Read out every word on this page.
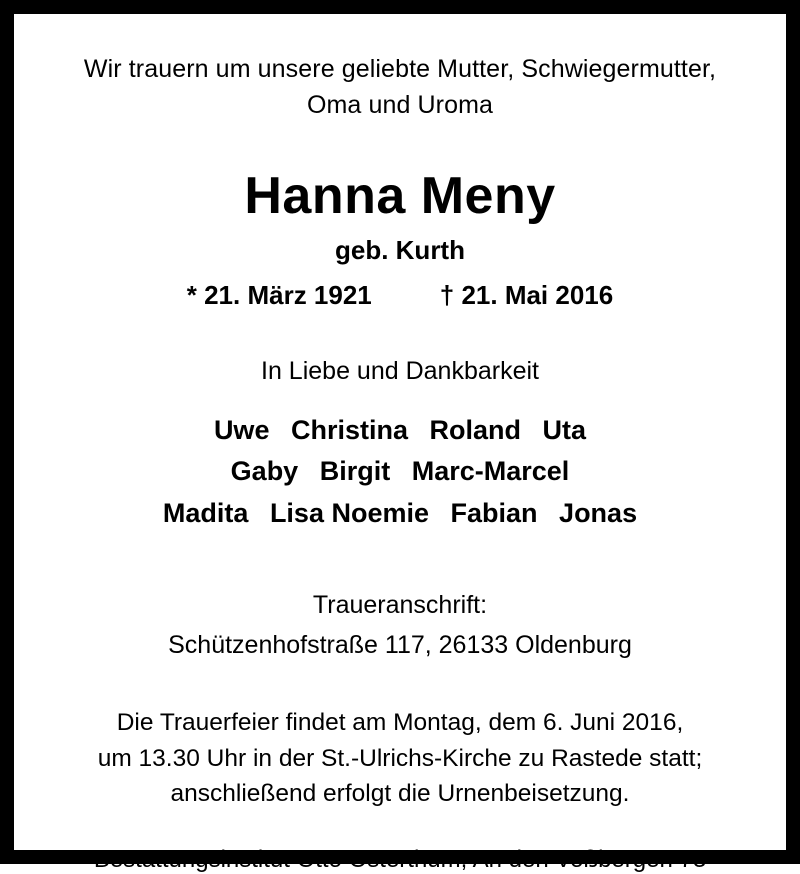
Wir trauern um unsere geliebte Mutter, Schwiegermutter,
Oma und Uroma
Hanna Meny
geb. Kurth
* 21. März 1921	† 21. Mai 2016
In Liebe und Dankbarkeit
Uwe Christina Roland Uta
Gaby Birgit Marc-Marcel
Madita Lisa Noemie Fabian Jonas
Traueranschrift:
Schützenhofstraße 117, 26133 Oldenburg
Die Trauerfeier findet am Montag, dem 6. Juni 2016,
um 13.30 Uhr in der St.-Ulrichs-Kirche zu Rastede statt;
anschließend erfolgt die Urnenbeisetzung.
Bestattungsinstitut Otto Osterthum, An den Voßbergen 73
